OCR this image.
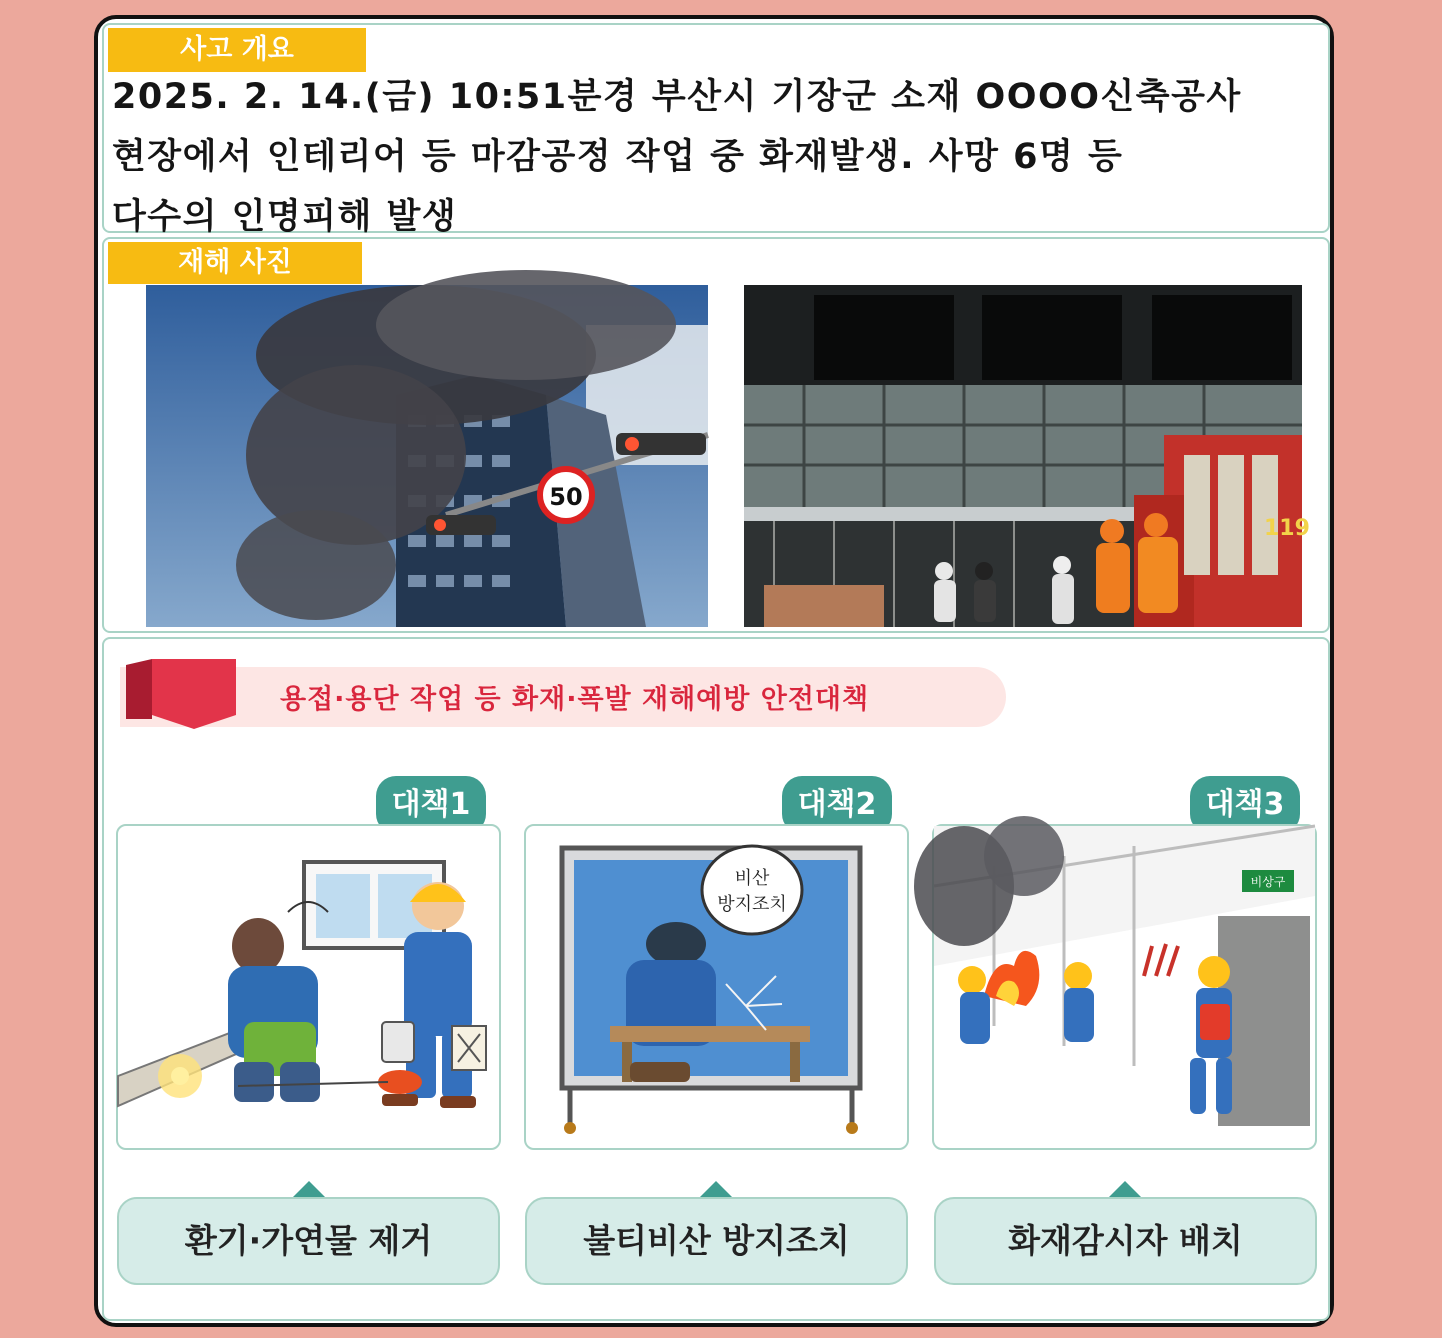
사고 개요
2025. 2. 14.(금) 10:51분경 부산시 기장군 소재 OOOO신축공사
현장에서 인테리어 등 마감공정 작업 중 화재발생. 사망 6명 등
다수의 인명피해 발생
재해 사진
50
119
용접·용단 작업 등 화재·폭발 재해예방 안전대책
대책1
환기·가연물 제거
대책2
비산
방지조치
불티비산 방지조치
대책3
비상구
화재감시자 배치
